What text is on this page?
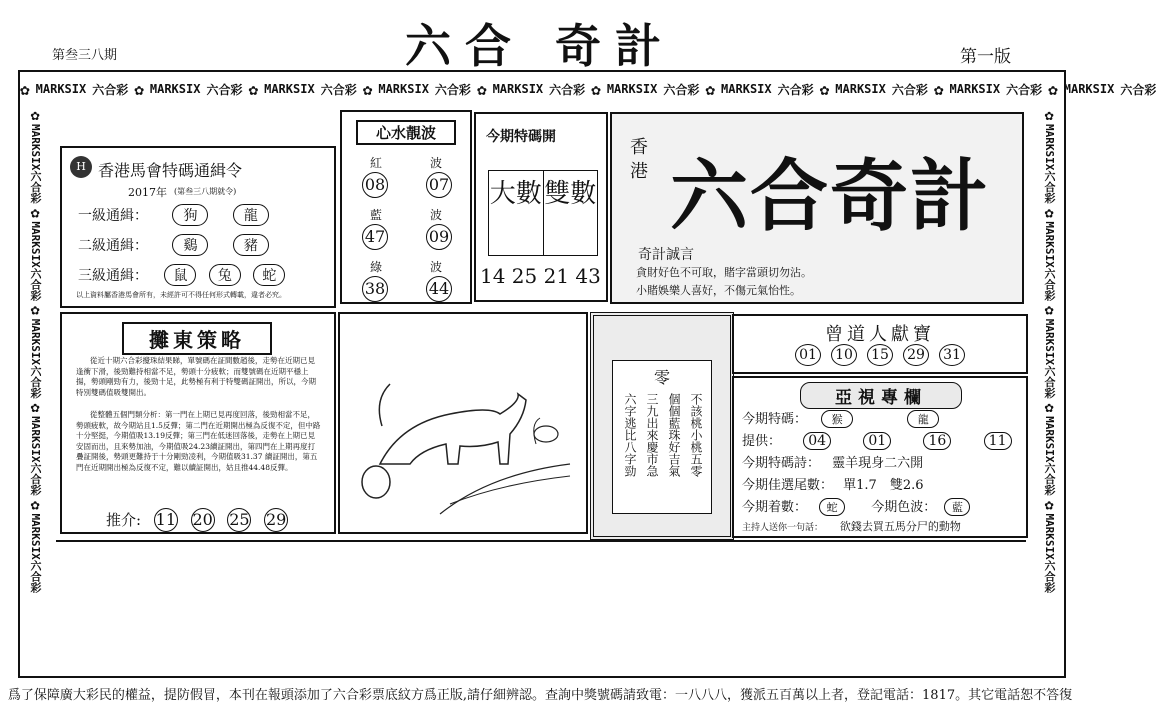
六合 奇計
第叁三八期	第一版
✿ MARKSIX 六合彩 ✿ MARKSIX 六合彩 ✿ MARKSIX 六合彩 ✿ MARKSIX 六合彩 ✿ MARKSIX 六合彩 ✿ MARKSIX 六合彩 ✿ MARKSIX 六合彩 ✿ MARKSIX 六合彩 ✿ MARKSIX 六合彩 ✿ MARKSIX 六合彩
✿MARKSIX六合彩✿MARKSIX六合彩✿MARKSIX六合彩✿MARKSIX六合彩✿MARKSIX六合彩
✿MARKSIX六合彩✿MARKSIX六合彩✿MARKSIX六合彩✿MARKSIX六合彩✿MARKSIX六合彩
H 香港馬會特碼通緝令
2017年 (第叁三八期就令)
一級通緝：	狗	龍
二級通緝：	鷄	豬
三級通緝： 鼠 兔 蛇
以上資料屬香港馬會所有，未經許可不得任何形式轉載，違者必究。
心水靚波
紅	波
08	07
藍	波
47	09
綠	波
38	44
今期特碼開
大數 雙數
14 25 21 43
香港 六合奇計
奇計誠言
貪財好色不可取，賭字當頭切勿沾。
小賭娛樂人喜好，不傷元氣怡性。
攤東策略
從近十期六合彩攪珠結果睇，單號碼在証間數趙後，走勢在近期已見逢衝下滑，後勁難持相當不足，勢頭十分疲軟；而雙號碼在近期平穩上揚，勢頭剛勁有力，後勁十足，此勢極有利于特雙碼証開出，所以，今期特別雙碼值吸雙開出。
從整體五個門類分析：第一門在上期已見再度回落，後勁相當不足，勢頭疲軟，故今期站且1.5反彈；第二門在近期開出極為反復不定，但中路十分堅挺，今期值吸13.19反彈；第三門在低迷回落後，走勢在上期已見安固而出，且來勢加油，今期值吸24.23續証開出，第四門在上期再度打疊証開後，勢頭更難持于十分剛勁凌利，今期值吸31.37 續証開出，第五門在近期開出極為反復不定，難以續証開出，姑且推44.48反彈。
推介: 11 20 25 29
零
不該桃小桃五零
個個藍珠好吉氣
三九出來慶市急
六字逃比八字勁
曾道人獻寶
01 10 15 29 31
亞視專欄
今期特碼： 猴	龍
提供： 04	01	16	11
今期特碼詩： 靈羊現身二六開
今期佳選尾數： 單1.7　雙2.6
今期着數： 蛇	今期色波： 藍
主持人送你一句話： 欲錢去買五馬分尸的動物
爲了保障廣大彩民的權益，提防假冒，本刊在報頭添加了六合彩票底紋方爲正版,請仔細辨認。查詢中獎號碼請致電：一八八八，獲派五百萬以上者，登記電話：1817。其它電話恕不答復
